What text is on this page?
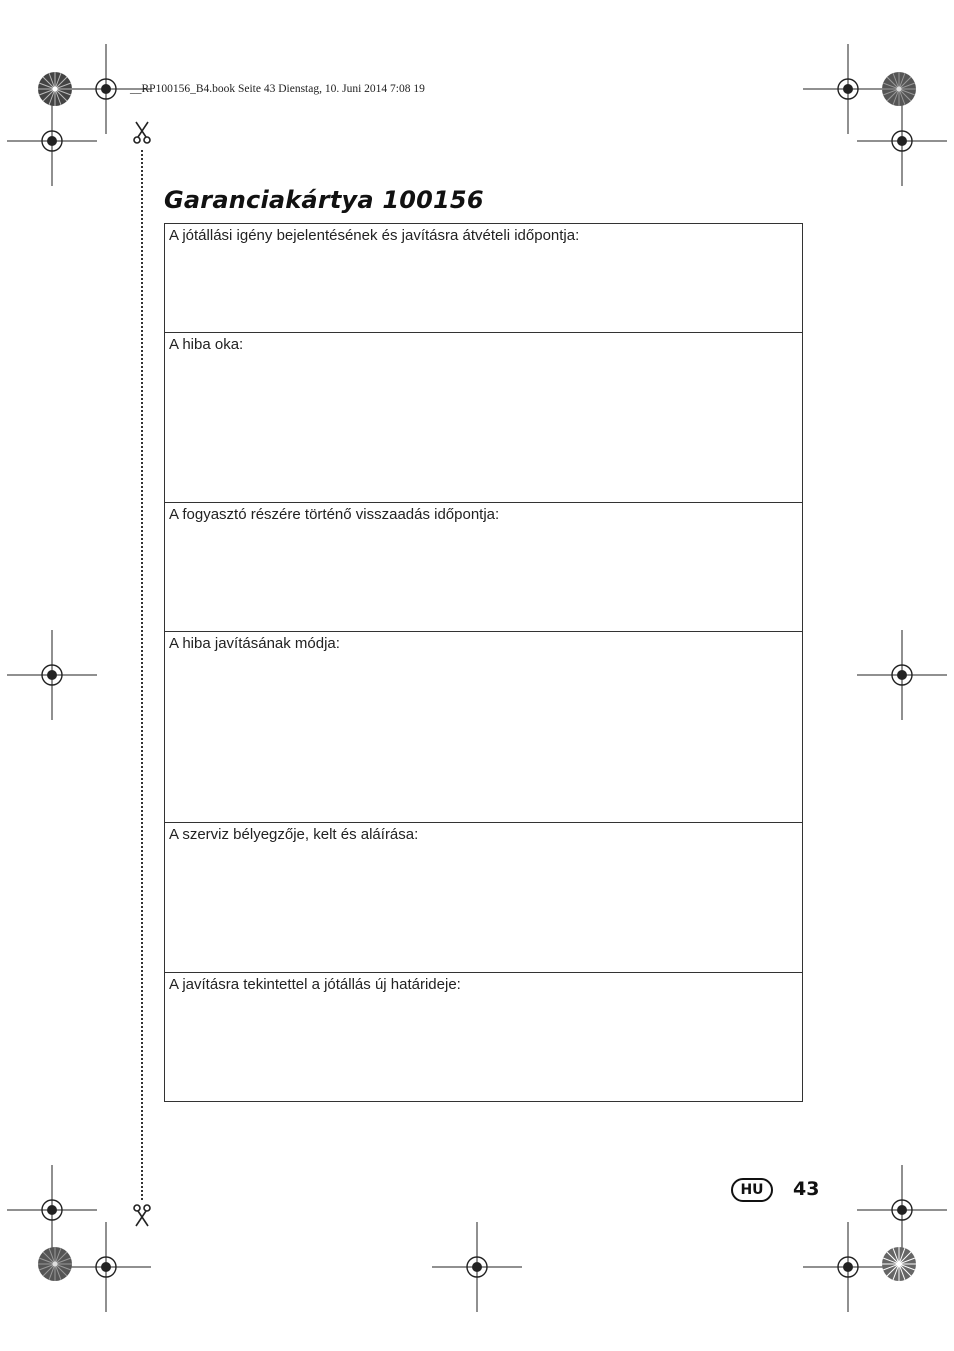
__RP100156_B4.book Seite 43 Dienstag, 10. Juni 2014 7:08 19
Garanciakártya 100156
A jótállási igény bejelentésének és javításra átvételi időpontja:
A hiba oka:
A fogyasztó részére történő visszaadás időpontja:
A hiba javításának módja:
A szerviz bélyegzője, kelt és aláírása:
A javításra tekintettel a jótállás új határideje:
HU	43
